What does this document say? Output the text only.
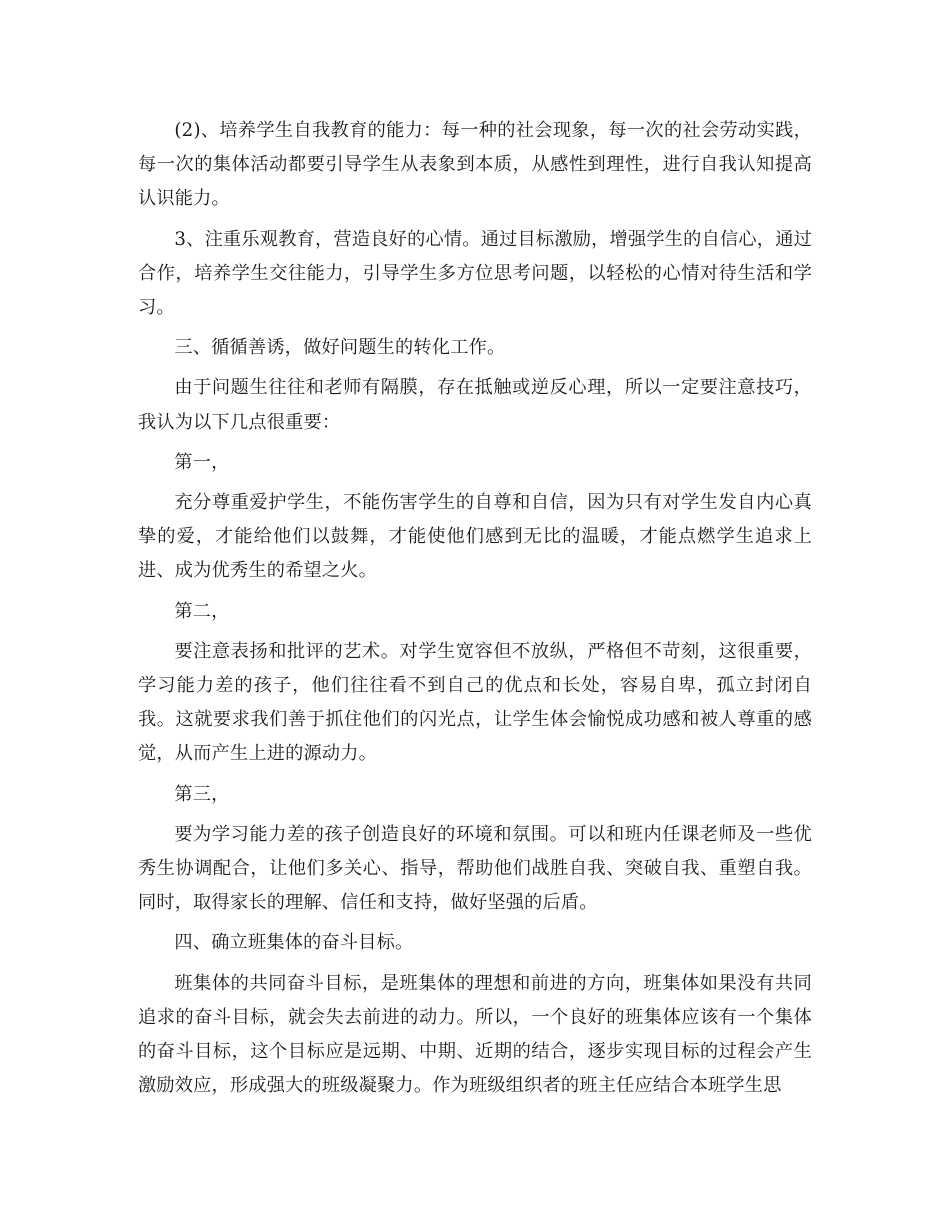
(2)、培养学生自我教育的能力：每一种的社会现象，每一次的社会劳动实践，每一次的集体活动都要引导学生从表象到本质，从感性到理性，进行自我认知提高认识能力。

3、注重乐观教育，营造良好的心情。通过目标激励，增强学生的自信心，通过合作，培养学生交往能力，引导学生多方位思考问题，以轻松的心情对待生活和学习。

三、循循善诱，做好问题生的转化工作。

由于问题生往往和老师有隔膜，存在抵触或逆反心理，所以一定要注意技巧，我认为以下几点很重要：

第一，

充分尊重爱护学生，不能伤害学生的自尊和自信，因为只有对学生发自内心真挚的爱，才能给他们以鼓舞，才能使他们感到无比的温暖，才能点燃学生追求上进、成为优秀生的希望之火。

第二，

要注意表扬和批评的艺术。对学生宽容但不放纵，严格但不苛刻，这很重要，学习能力差的孩子，他们往往看不到自己的优点和长处，容易自卑，孤立封闭自我。这就要求我们善于抓住他们的闪光点，让学生体会愉悦成功感和被人尊重的感觉，从而产生上进的源动力。

第三，

要为学习能力差的孩子创造良好的环境和氛围。可以和班内任课老师及一些优秀生协调配合，让他们多关心、指导，帮助他们战胜自我、突破自我、重塑自我。同时，取得家长的理解、信任和支持，做好坚强的后盾。

四、确立班集体的奋斗目标。

班集体的共同奋斗目标，是班集体的理想和前进的方向，班集体如果没有共同追求的奋斗目标，就会失去前进的动力。所以，一个良好的班集体应该有一个集体的奋斗目标，这个目标应是远期、中期、近期的结合，逐步实现目标的过程会产生激励效应，形成强大的班级凝聚力。作为班级组织者的班主任应结合本班学生思
